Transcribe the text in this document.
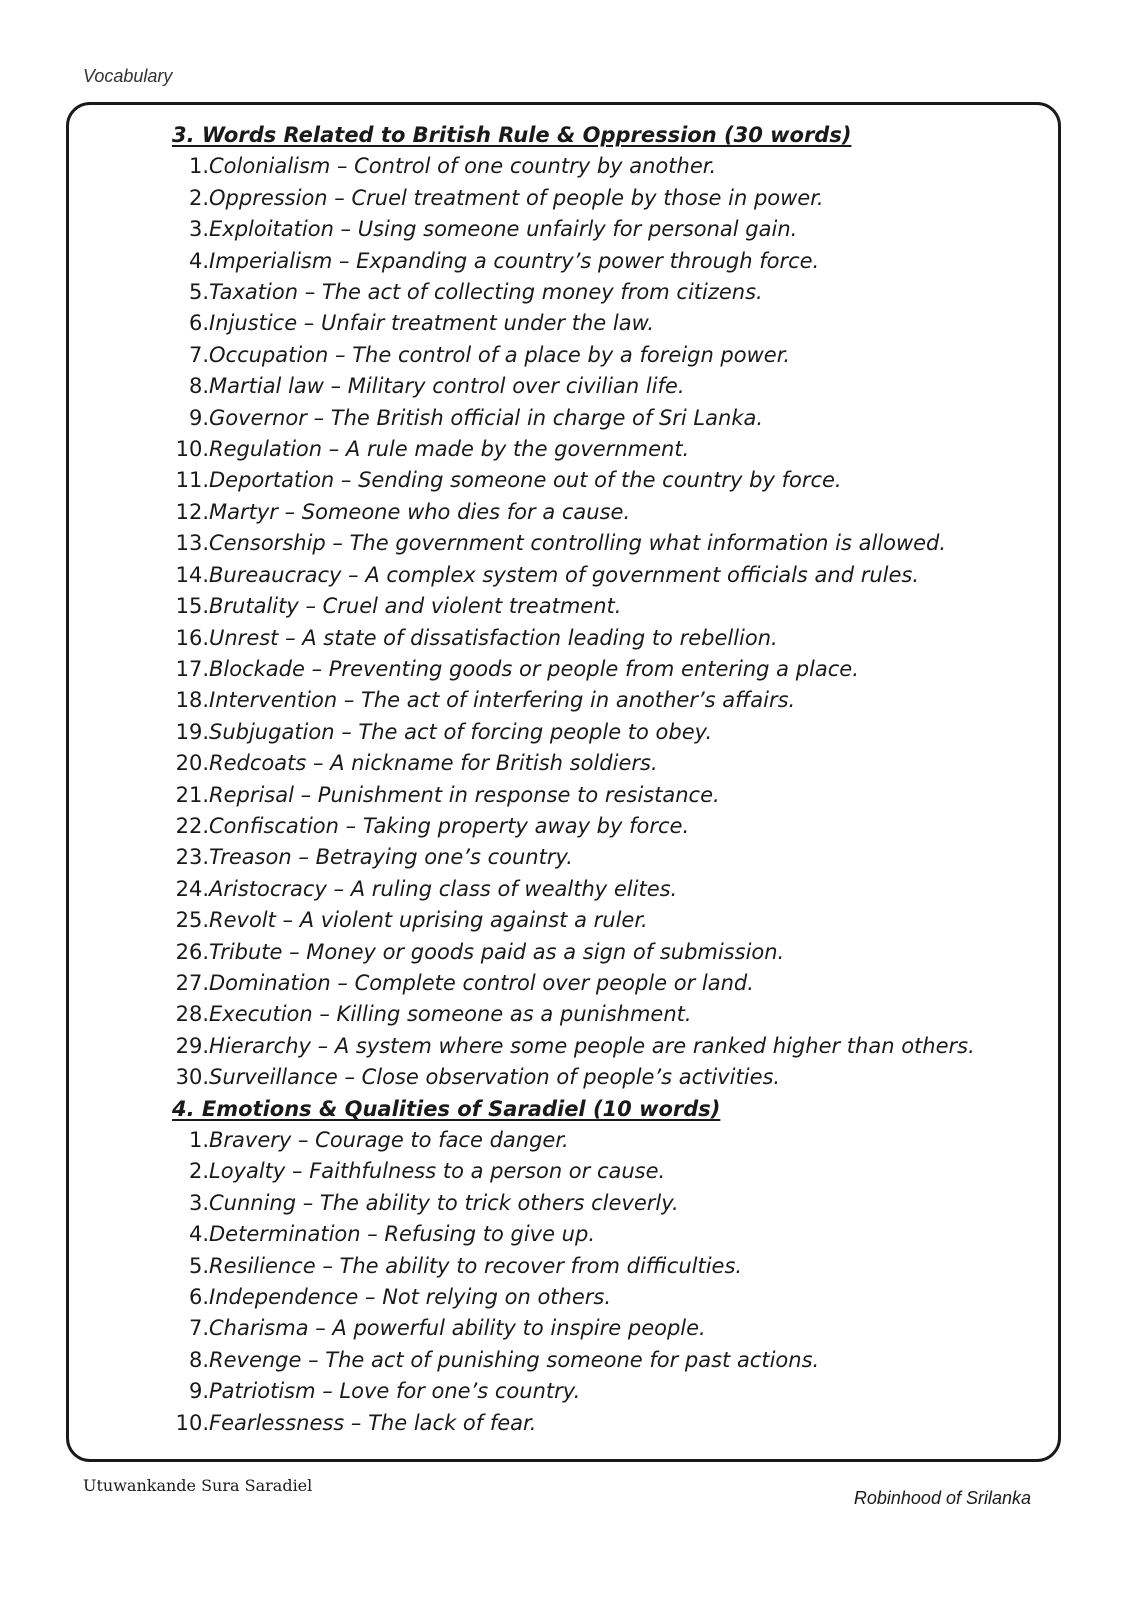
Vocabulary
3. Words Related to British Rule & Oppression (30 words)
1. Colonialism – Control of one country by another.
2. Oppression – Cruel treatment of people by those in power.
3. Exploitation – Using someone unfairly for personal gain.
4. Imperialism – Expanding a country’s power through force.
5. Taxation – The act of collecting money from citizens.
6. Injustice – Unfair treatment under the law.
7. Occupation – The control of a place by a foreign power.
8. Martial law – Military control over civilian life.
9. Governor – The British official in charge of Sri Lanka.
10. Regulation – A rule made by the government.
11. Deportation – Sending someone out of the country by force.
12. Martyr – Someone who dies for a cause.
13. Censorship – The government controlling what information is allowed.
14. Bureaucracy – A complex system of government officials and rules.
15. Brutality – Cruel and violent treatment.
16. Unrest – A state of dissatisfaction leading to rebellion.
17. Blockade – Preventing goods or people from entering a place.
18. Intervention – The act of interfering in another’s affairs.
19. Subjugation – The act of forcing people to obey.
20. Redcoats – A nickname for British soldiers.
21. Reprisal – Punishment in response to resistance.
22. Confiscation – Taking property away by force.
23. Treason – Betraying one’s country.
24. Aristocracy – A ruling class of wealthy elites.
25. Revolt – A violent uprising against a ruler.
26. Tribute – Money or goods paid as a sign of submission.
27. Domination – Complete control over people or land.
28. Execution – Killing someone as a punishment.
29. Hierarchy – A system where some people are ranked higher than others.
30. Surveillance – Close observation of people’s activities.
4. Emotions & Qualities of Saradiel (10 words)
1. Bravery – Courage to face danger.
2. Loyalty – Faithfulness to a person or cause.
3. Cunning – The ability to trick others cleverly.
4. Determination – Refusing to give up.
5. Resilience – The ability to recover from difficulties.
6. Independence – Not relying on others.
7. Charisma – A powerful ability to inspire people.
8. Revenge – The act of punishing someone for past actions.
9. Patriotism – Love for one’s country.
10. Fearlessness – The lack of fear.
Utuwankande Sura Saradiel
Robinhood of Srilanka
